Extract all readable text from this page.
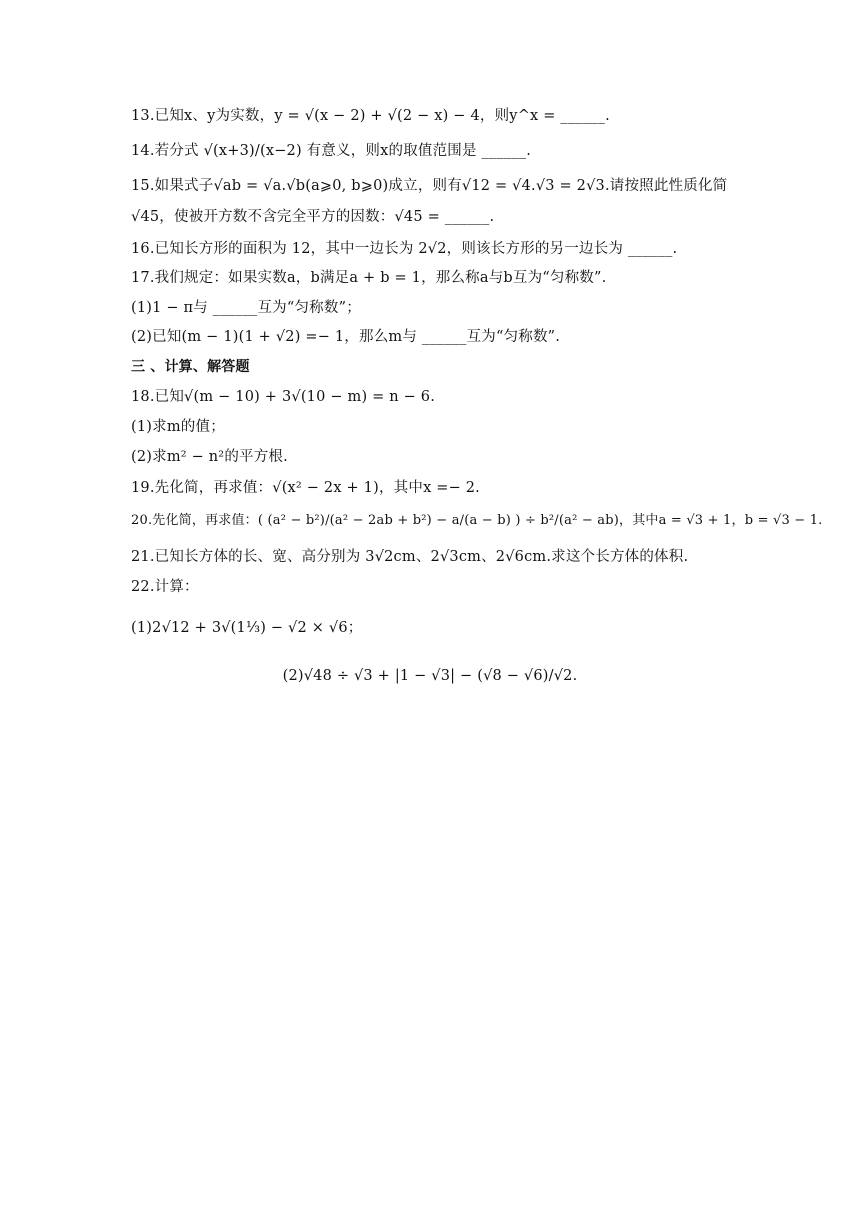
13.已知x、y为实数，y = √(x − 2) + √(2 − x) − 4，则y^x = ______.
14.若分式 √(x+3)/(x−2) 有意义，则x的取值范围是 ______.
15.如果式子√ab = √a.√b(a⩾0, b⩾0)成立，则有√12 = √4.√3 = 2√3.请按照此性质化简
√45，使被开方数不含完全平方的因数：√45 = ______.
16.已知长方形的面积为 12，其中一边长为 2√2，则该长方形的另一边长为 ______.
17.我们规定：如果实数a，b满足a + b = 1，那么称a与b互为“匀称数”.
(1)1 − π与 ______互为“匀称数”；
(2)已知(m − 1)(1 + √2) =− 1，那么m与 ______互为“匀称数”.
三 、计算、解答题
18.已知√(m − 10) + 3√(10 − m) = n − 6.
(1)求m的值；
(2)求m² − n²的平方根.
19.先化简，再求值：√(x² − 2x + 1)，其中x =− 2.
20.先化简，再求值：( (a² − b²)/(a² − 2ab + b²) − a/(a − b) ) ÷ b²/(a² − ab)，其中a = √3 + 1，b = √3 − 1.
21.已知长方体的长、宽、高分别为 3√2cm、2√3cm、2√6cm.求这个长方体的体积.
22.计算：
(1)2√12 + 3√(1⅓) − √2 × √6；
(2)√48 ÷ √3 + |1 − √3| − (√8 − √6)/√2.
